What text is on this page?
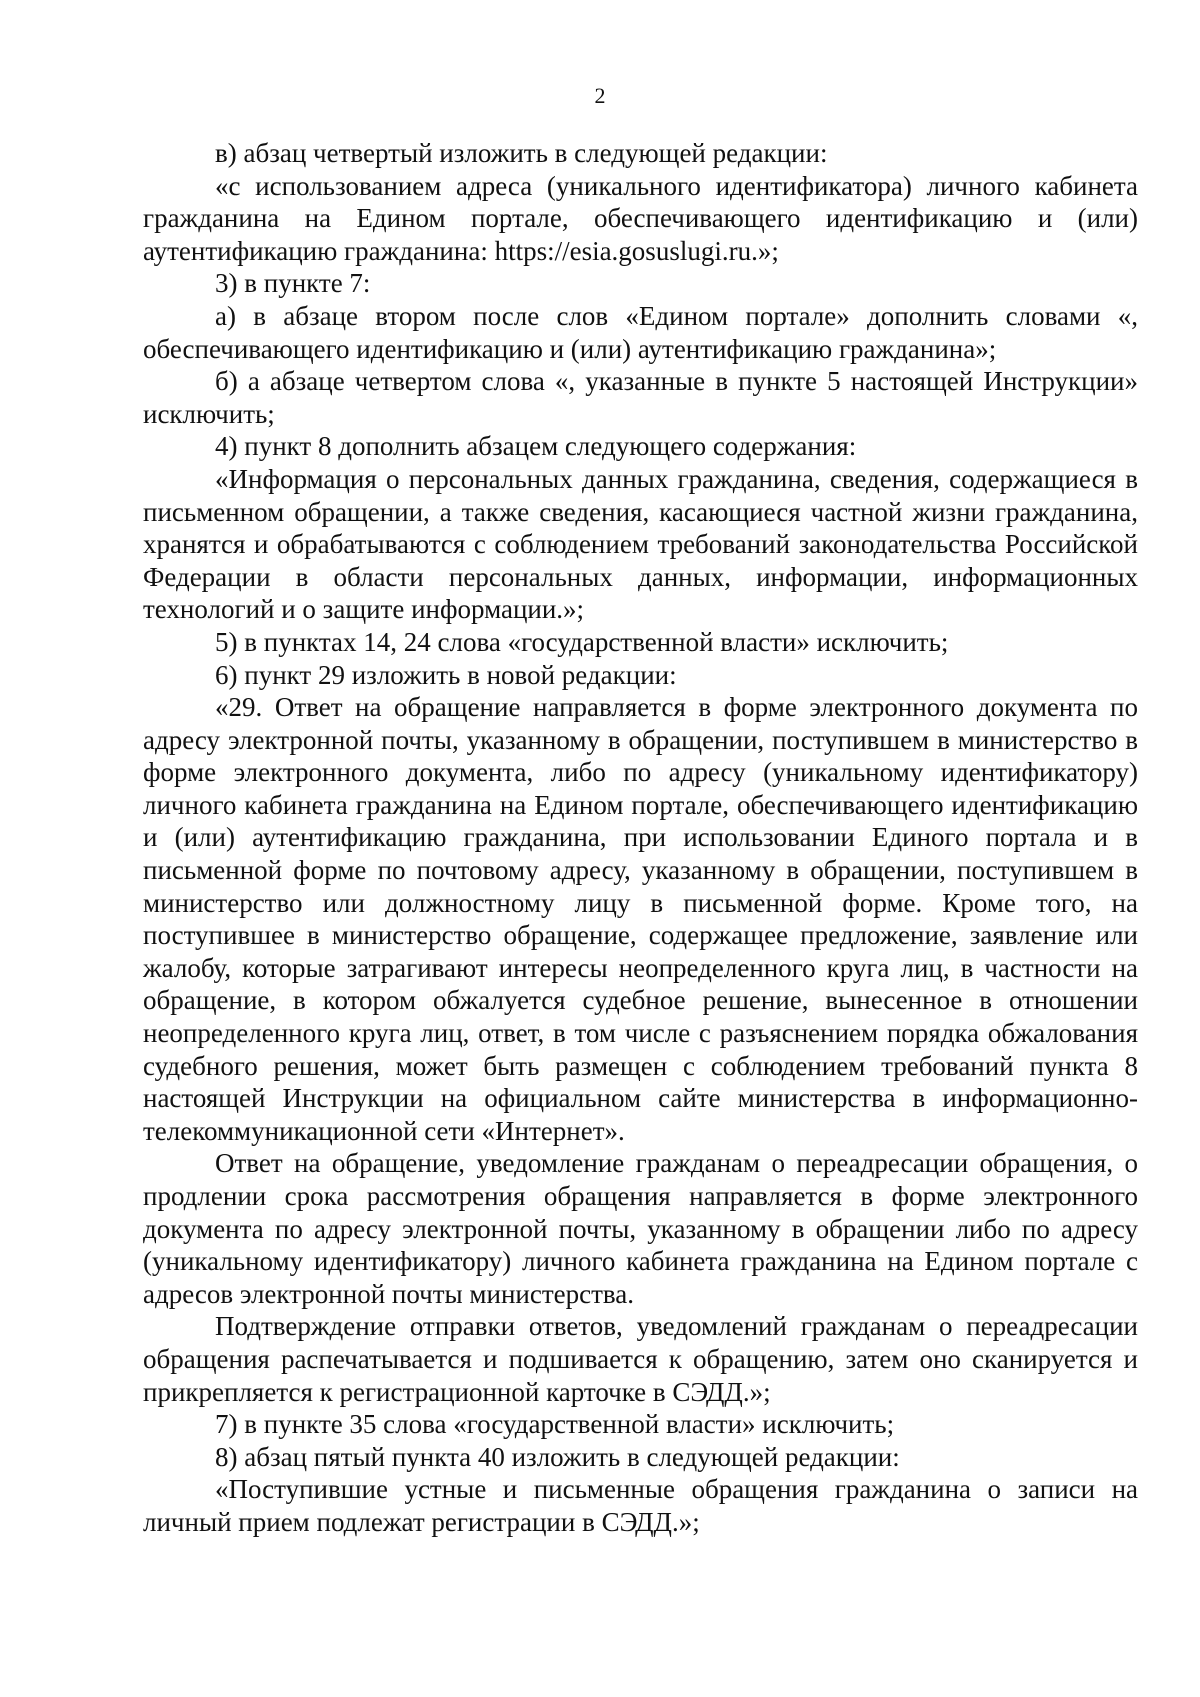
2

в) абзац четвертый изложить в следующей редакции:

«с использованием адреса (уникального идентификатора) личного кабинета гражданина на Едином портале, обеспечивающего идентификацию и (или) аутентификацию гражданина: https://esia.gosuslugi.ru.»;

3) в пункте 7:

а) в абзаце втором после слов «Едином портале» дополнить словами «, обеспечивающего идентификацию и (или) аутентификацию гражданина»;

б) а абзаце четвертом слова «, указанные в пункте 5 настоящей Инструкции» исключить;

4) пункт 8 дополнить абзацем следующего содержания:

«Информация о персональных данных гражданина, сведения, содержащиеся в письменном обращении, а также сведения, касающиеся частной жизни гражданина, хранятся и обрабатываются с соблюдением требований законодательства Российской Федерации в области персональных данных, информации, информационных технологий и о защите информации.»;

5) в пунктах 14, 24 слова «государственной власти» исключить;

6) пункт 29 изложить в новой редакции:

«29. Ответ на обращение направляется в форме электронного документа по адресу электронной почты, указанному в обращении, поступившем в министерство в форме электронного документа, либо по адресу (уникальному идентификатору) личного кабинета гражданина на Едином портале, обеспечивающего идентификацию и (или) аутентификацию гражданина, при использовании Единого портала и в письменной форме по почтовому адресу, указанному в обращении, поступившем в министерство или должностному лицу в письменной форме. Кроме того, на поступившее в министерство обращение, содержащее предложение, заявление или жалобу, которые затрагивают интересы неопределенного круга лиц, в частности на обращение, в котором обжалуется судебное решение, вынесенное в отношении неопределенного круга лиц, ответ, в том числе с разъяснением порядка обжалования судебного решения, может быть размещен с соблюдением требований пункта 8 настоящей Инструкции на официальном сайте министерства в информационно-телекоммуникационной сети «Интернет».

Ответ на обращение, уведомление гражданам о переадресации обращения, о продлении срока рассмотрения обращения направляется в форме электронного документа по адресу электронной почты, указанному в обращении либо по адресу (уникальному идентификатору) личного кабинета гражданина на Едином портале с адресов электронной почты министерства.

Подтверждение отправки ответов, уведомлений гражданам о переадресации обращения распечатывается и подшивается к обращению, затем оно сканируется и прикрепляется к регистрационной карточке в СЭДД.»;

7) в пункте 35 слова «государственной власти» исключить;

8) абзац пятый пункта 40 изложить в следующей редакции:

«Поступившие устные и письменные обращения гражданина о записи на личный прием подлежат регистрации в СЭДД.»;
